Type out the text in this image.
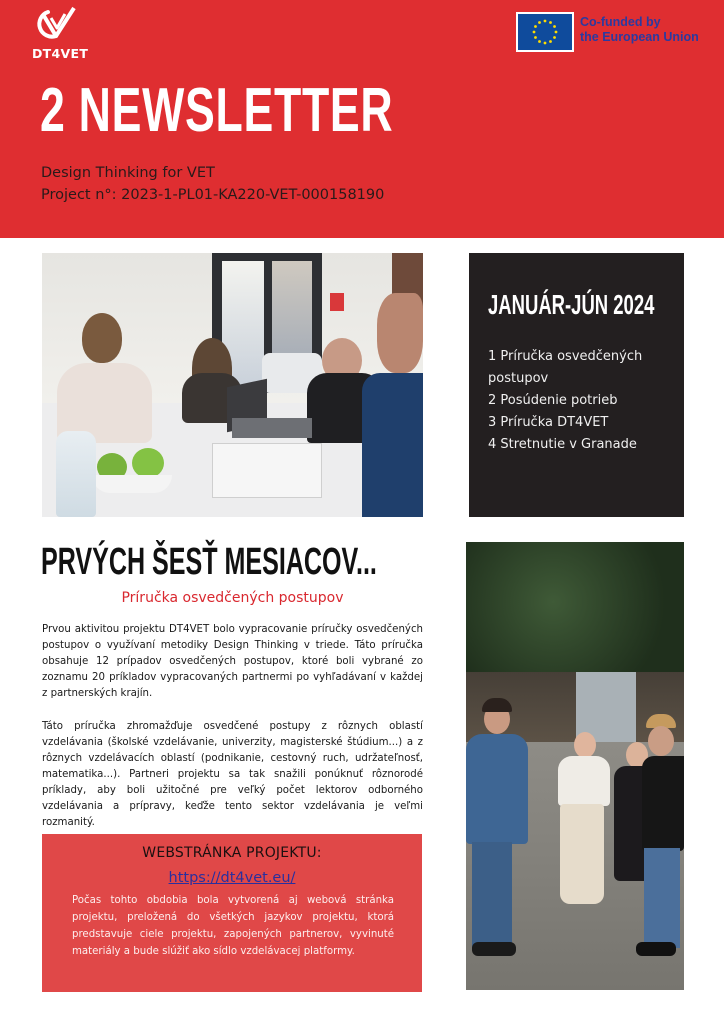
DT4VET
Co-funded by
the European Union
2 NEWSLETTER
Design Thinking for VET
Project n°: 2023-1-PL01-KA220-VET-000158190
JANUÁR-JÚN 2024
1 Príručka osvedčených postupov
2 Posúdenie potrieb
3 Príručka DT4VET
4 Stretnutie v Granade
PRVÝCH ŠESŤ MESIACOV...
Príručka osvedčených postupov

Prvou aktivitou projektu DT4VET bolo vypracovanie príručky osvedčených postupov o využívaní metodiky Design Thinking v triede. Táto príručka obsahuje 12 prípadov osvedčených postupov, ktoré boli vybrané zo zoznamu 20 príkladov vypracovaných partnermi po vyhľadávaní v každej z partnerských krajín.

Táto príručka zhromažďuje osvedčené postupy z rôznych oblastí vzdelávania (školské vzdelávanie, univerzity, magisterské štúdium...) a z rôznych vzdelávacích oblastí (podnikanie, cestovný ruch, udržateľnosť, matematika...). Partneri projektu sa tak snažili ponúknuť rôznorodé príklady, aby boli užitočné pre veľký počet lektorov odborného vzdelávania a prípravy, keďže tento sektor vzdelávania je veľmi rozmanitý.

WEBSTRÁNKA PROJEKTU:
https://dt4vet.eu/

Počas tohto obdobia bola vytvorená aj webová stránka projektu, preložená do všetkých jazykov projektu, ktorá predstavuje ciele projektu, zapojených partnerov, vyvinuté materiály a bude slúžiť ako sídlo vzdelávacej platformy.
